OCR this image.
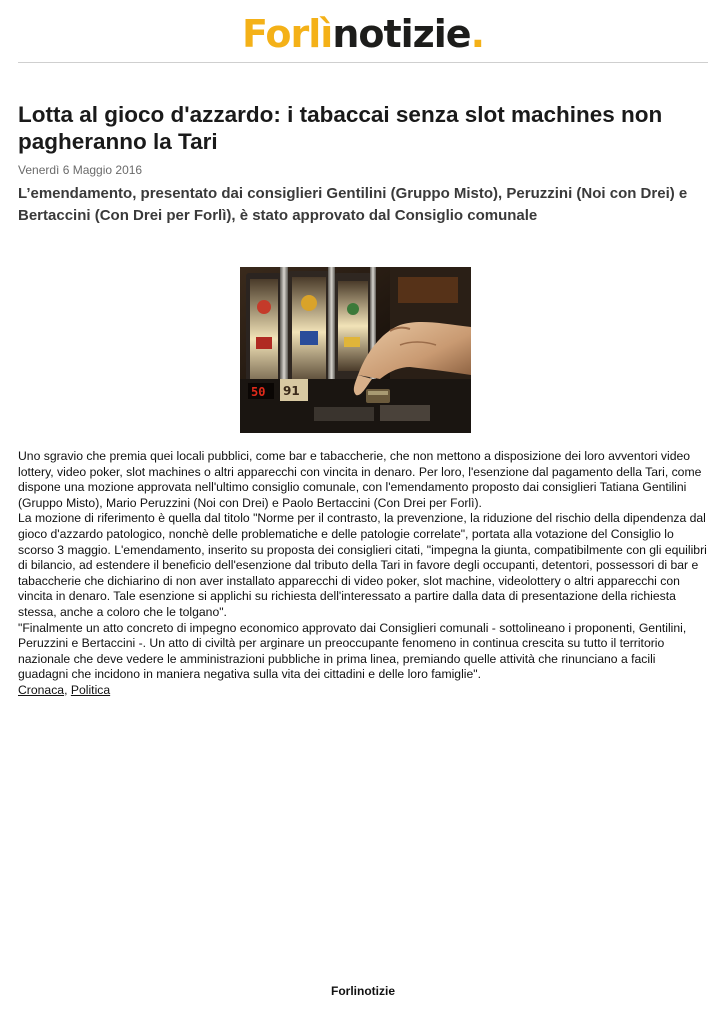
Forlìnotizie.
Lotta al gioco d'azzardo: i tabaccai senza slot machines non pagheranno la Tari
Venerdì 6 Maggio 2016
L’emendamento, presentato dai consiglieri Gentilini (Gruppo Misto), Peruzzini (Noi con Drei) e Bertaccini (Con Drei per Forlì), è stato approvato dal Consiglio comunale
50 91

Uno sgravio che premia quei locali pubblici, come bar e tabaccherie, che non mettono a disposizione dei loro avventori video lottery, video poker, slot machines o altri apparecchi con vincita in denaro. Per loro, l'esenzione dal pagamento della Tari, come dispone una mozione approvata nell'ultimo consiglio comunale, con l'emendamento proposto dai consiglieri Tatiana Gentilini (Gruppo Misto), Mario Peruzzini (Noi con Drei) e Paolo Bertaccini (Con Drei per Forlì).

La mozione di riferimento è quella dal titolo "Norme per il contrasto, la prevenzione, la riduzione del rischio della dipendenza dal gioco d'azzardo patologico, nonchè delle problematiche e delle patologie correlate", portata alla votazione del Consiglio lo scorso 3 maggio. L'emendamento, inserito su proposta dei consiglieri citati, "impegna la giunta, compatibilmente con gli equilibri di bilancio, ad estendere il beneficio dell'esenzione dal tributo della Tari in favore degli occupanti, detentori, possessori di bar e tabaccherie che dichiarino di non aver installato apparecchi di video poker, slot machine, videolottery o altri apparecchi con vincita in denaro. Tale esenzione si applichi su richiesta dell'interessato a partire dalla data di presentazione della richiesta stessa, anche a coloro che le tolgano".

"Finalmente un atto concreto di impegno economico approvato dai Consiglieri comunali - sottolineano i proponenti, Gentilini, Peruzzini e Bertaccini -. Un atto di civiltà per arginare un preoccupante fenomeno in continua crescita su tutto il territorio nazionale che deve vedere le amministrazioni pubbliche in prima linea, premiando quelle attività che rinunciano a facili guadagni che incidono in maniera negativa sulla vita dei cittadini e delle loro famiglie".

Cronaca, Politica

Forlinotizie
